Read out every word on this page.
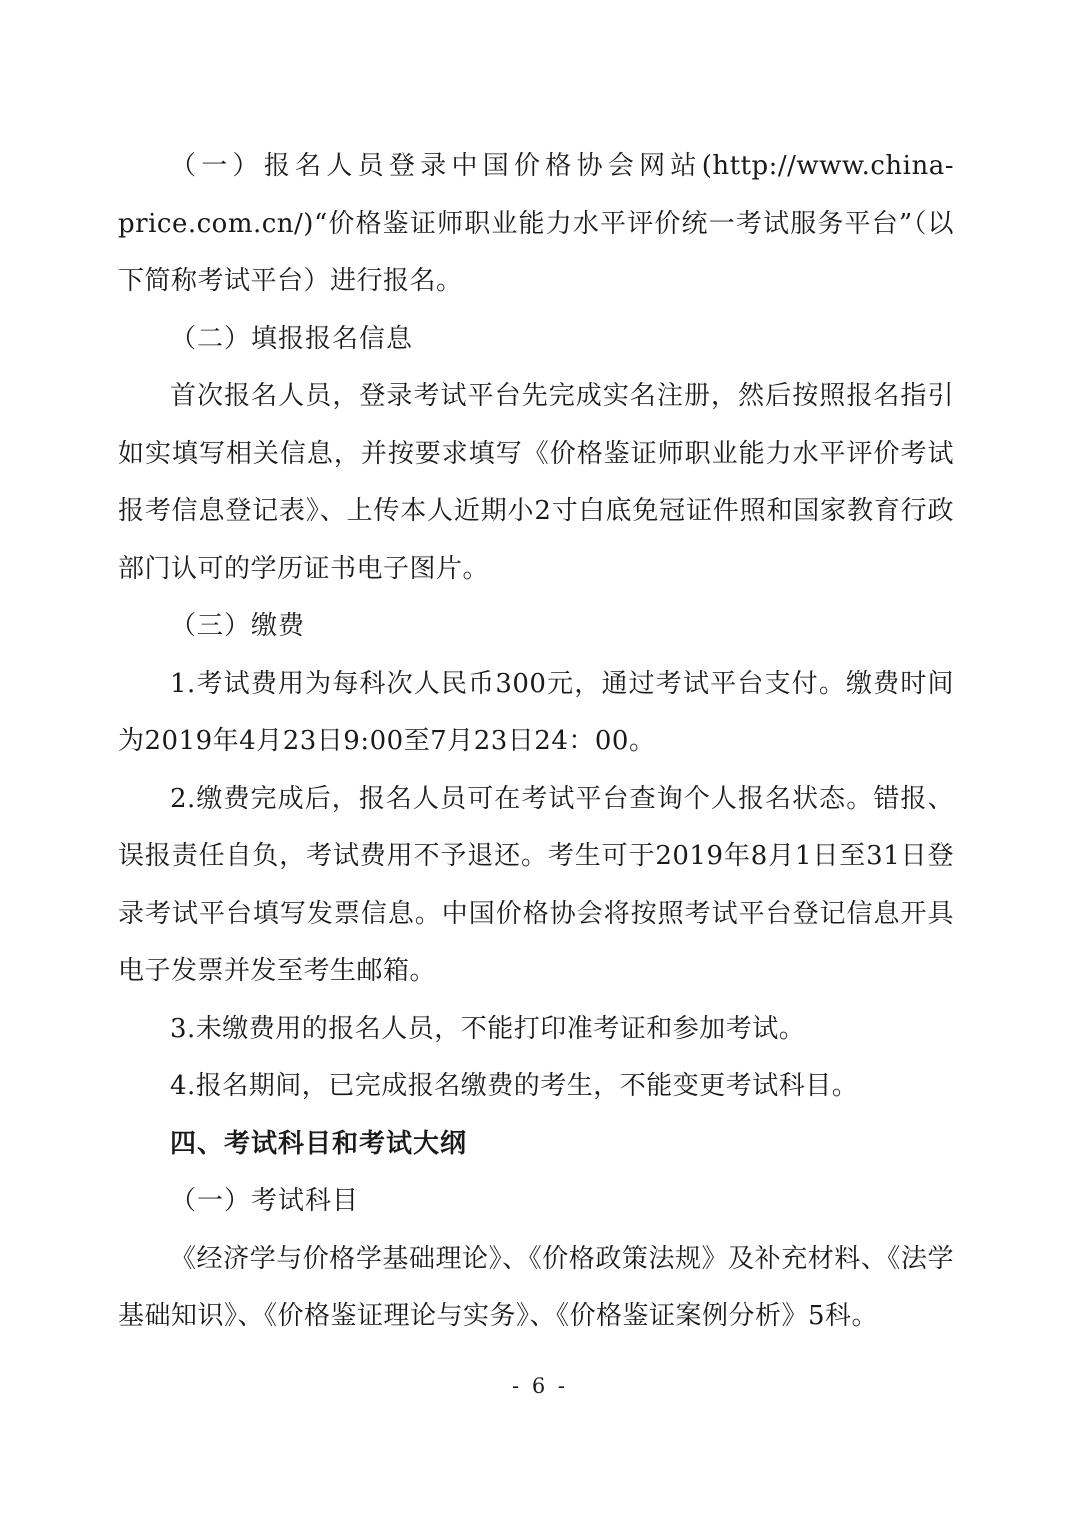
（一）报名人员登录中国价格协会网站(http://www.china-price.com.cn/)“价格鉴证师职业能力水平评价统一考试服务平台”（以下简称考试平台）进行报名。

（二）填报报名信息

首次报名人员，登录考试平台先完成实名注册，然后按照报名指引如实填写相关信息，并按要求填写《价格鉴证师职业能力水平评价考试报考信息登记表》、上传本人近期小2寸白底免冠证件照和国家教育行政部门认可的学历证书电子图片。

（三）缴费

1.考试费用为每科次人民币300元，通过考试平台支付。缴费时间为2019年4月23日9:00至7月23日24：00。

2.缴费完成后，报名人员可在考试平台查询个人报名状态。错报、误报责任自负，考试费用不予退还。考生可于2019年8月1日至31日登录考试平台填写发票信息。中国价格协会将按照考试平台登记信息开具电子发票并发至考生邮箱。

3.未缴费用的报名人员，不能打印准考证和参加考试。

4.报名期间，已完成报名缴费的考生，不能变更考试科目。

四、考试科目和考试大纲

（一）考试科目

《经济学与价格学基础理论》、《价格政策法规》及补充材料、《法学基础知识》、《价格鉴证理论与实务》、《价格鉴证案例分析》5科。

- 6 -
